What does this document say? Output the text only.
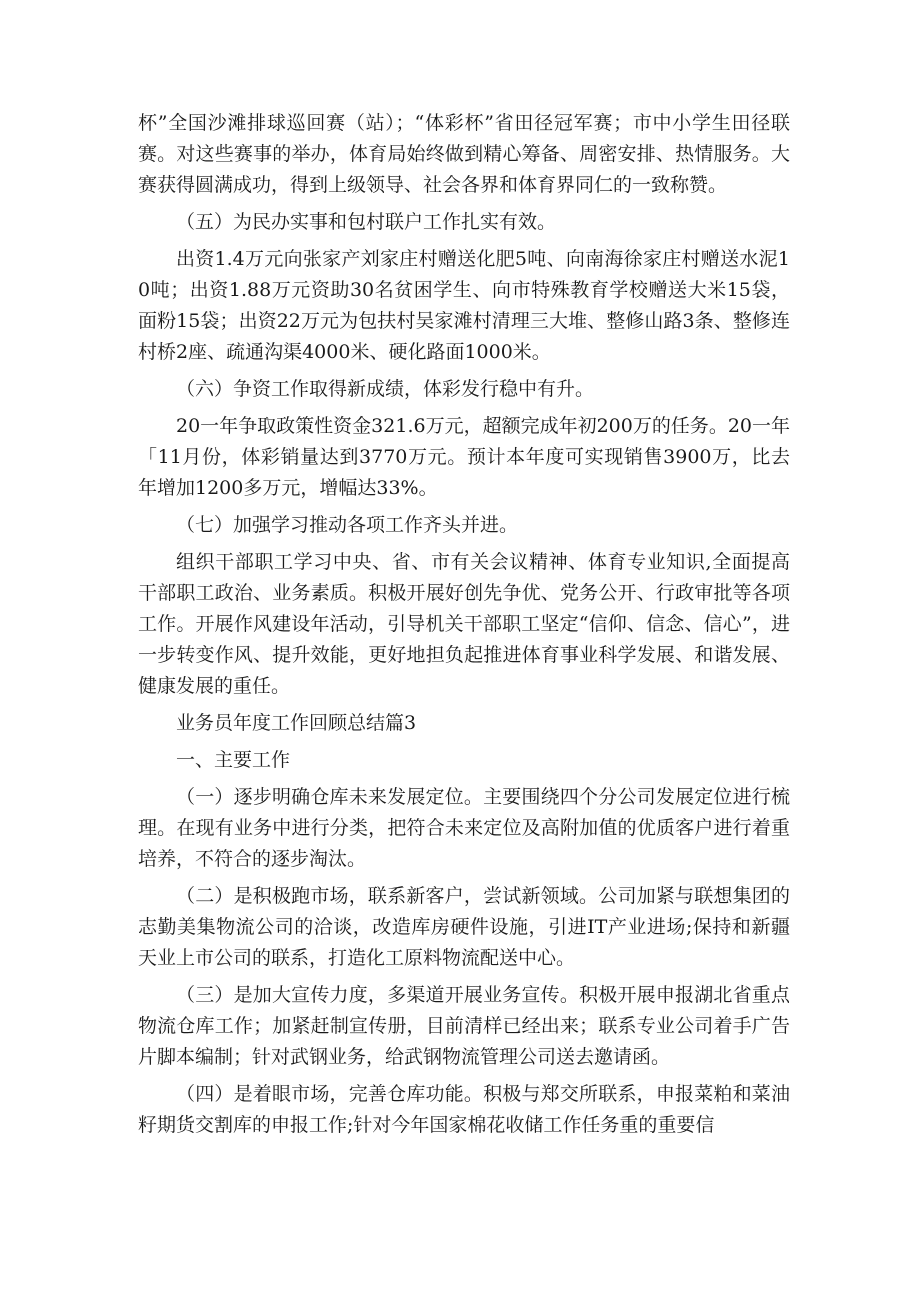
杯”全国沙滩排球巡回赛（站）；“体彩杯”省田径冠军赛；市中小学生田径联赛。对这些赛事的举办，体育局始终做到精心筹备、周密安排、热情服务。大赛获得圆满成功，得到上级领导、社会各界和体育界同仁的一致称赞。

（五）为民办实事和包村联户工作扎实有效。

出资1.4万元向张家产刘家庄村赠送化肥5吨、向南海徐家庄村赠送水泥10吨；出资1.88万元资助30名贫困学生、向市特殊教育学校赠送大米15袋，面粉15袋；出资22万元为包扶村吴家滩村清理三大堆、整修山路3条、整修连村桥2座、疏通沟渠4000米、硬化路面1000米。

（六）争资工作取得新成绩，体彩发行稳中有升。

20一年争取政策性资金321.6万元，超额完成年初200万的任务。20一年「11月份，体彩销量达到3770万元。预计本年度可实现销售3900万，比去年增加1200多万元，增幅达33%。

（七）加强学习推动各项工作齐头并进。

组织干部职工学习中央、省、市有关会议精神、体育专业知识,全面提高干部职工政治、业务素质。积极开展好创先争优、党务公开、行政审批等各项工作。开展作风建设年活动，引导机关干部职工坚定“信仰、信念、信心”，进一步转变作风、提升效能，更好地担负起推进体育事业科学发展、和谐发展、健康发展的重任。

业务员年度工作回顾总结篇3

一、主要工作

（一）逐步明确仓库未来发展定位。主要围绕四个分公司发展定位进行梳理。在现有业务中进行分类，把符合未来定位及高附加值的优质客户进行着重培养，不符合的逐步淘汰。

（二）是积极跑市场，联系新客户，尝试新领域。公司加紧与联想集团的志勤美集物流公司的洽谈，改造库房硬件设施，引进IT产业进场;保持和新疆天业上市公司的联系，打造化工原料物流配送中心。

（三）是加大宣传力度，多渠道开展业务宣传。积极开展申报湖北省重点物流仓库工作；加紧赶制宣传册，目前清样已经出来；联系专业公司着手广告片脚本编制；针对武钢业务，给武钢物流管理公司送去邀请函。

（四）是着眼市场，完善仓库功能。积极与郑交所联系，申报菜粕和菜油籽期货交割库的申报工作;针对今年国家棉花收储工作任务重的重要信
